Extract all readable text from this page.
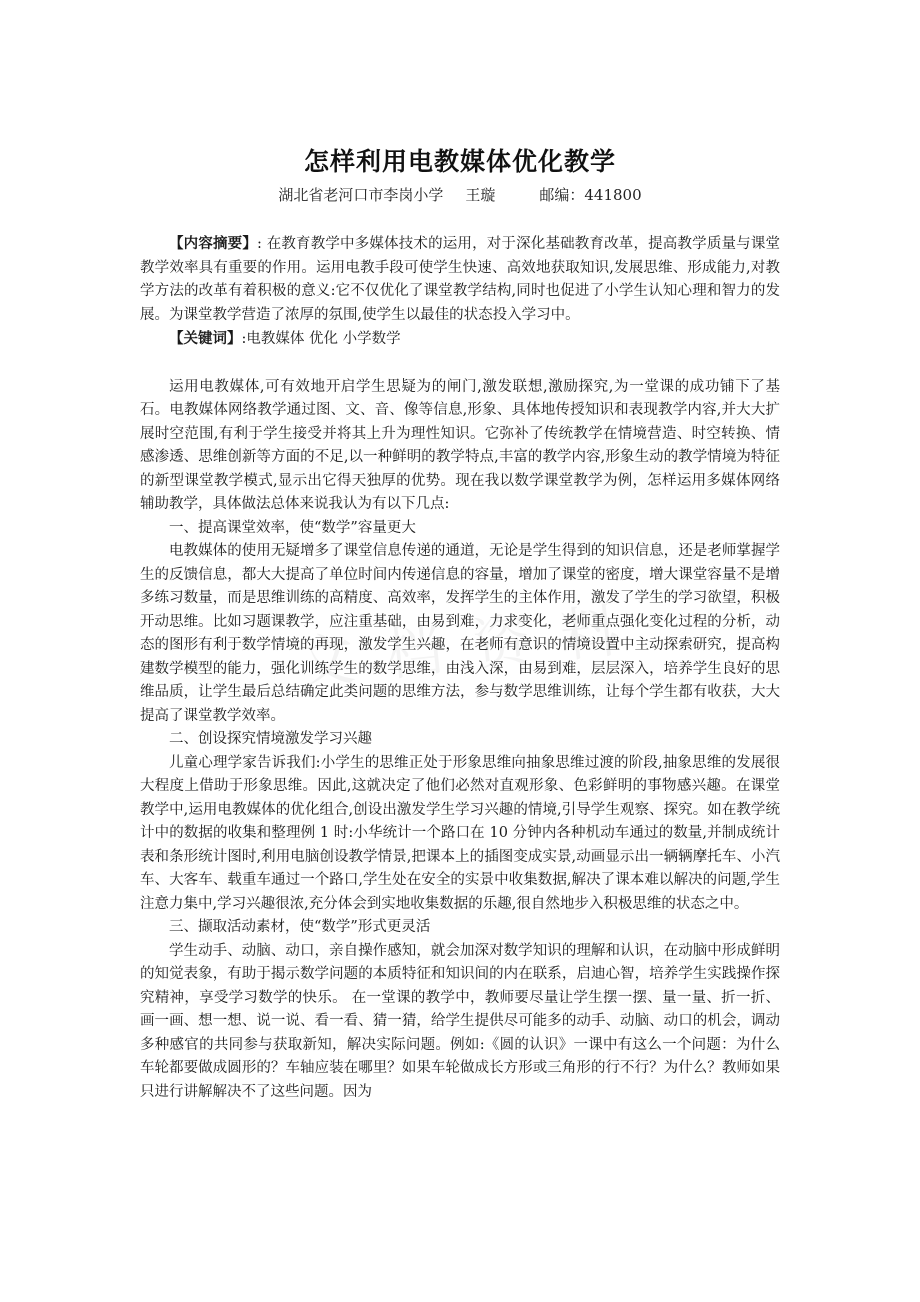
怎样利用电教媒体优化教学
湖北省老河口市李岗小学 王璇	邮编：441800

【内容摘要】: 在教育教学中多媒体技术的运用，对于深化基础教育改革，提高教学质量与课堂教学效率具有重要的作用。运用电教手段可使学生快速、高效地获取知识,发展思维、形成能力,对教学方法的改革有着积极的意义:它不仅优化了课堂教学结构,同时也促进了小学生认知心理和智力的发展。为课堂教学营造了浓厚的氛围,使学生以最佳的状态投入学习中。

【关键词】:电教媒体 优化 小学数学

运用电教媒体,可有效地开启学生思疑为的闸门,激发联想,激励探究,为一堂课的成功铺下了基石。电教媒体网络教学通过图、文、音、像等信息,形象、具体地传授知识和表现教学内容,并大大扩展时空范围,有利于学生接受并将其上升为理性知识。它弥补了传统教学在情境营造、时空转换、情感渗透、思维创新等方面的不足,以一种鲜明的教学特点,丰富的教学内容,形象生动的教学情境为特征的新型课堂教学模式,显示出它得天独厚的优势。现在我以数学课堂教学为例，怎样运用多媒体网络辅助教学，具体做法总体来说我认为有以下几点:

一、提高课堂效率，使“数学”容量更大

电教媒体的使用无疑增多了课堂信息传递的通道，无论是学生得到的知识信息，还是老师掌握学生的反馈信息，都大大提高了单位时间内传递信息的容量，增加了课堂的密度，增大课堂容量不是增多练习数量，而是思维训练的高精度、高效率，发挥学生的主体作用，激发了学生的学习欲望，积极开动思维。比如习题课教学，应注重基础，由易到难，力求变化，老师重点强化变化过程的分析，动态的图形有利于数学情境的再现，激发学生兴趣，在老师有意识的情境设置中主动探索研究，提高构建数学模型的能力，强化训练学生的数学思维，由浅入深，由易到难，层层深入，培养学生良好的思维品质，让学生最后总结确定此类问题的思维方法，参与数学思维训练，让每个学生都有收获，大大提高了课堂教学效率。

二、创设探究情境激发学习兴趣

儿童心理学家告诉我们:小学生的思维正处于形象思维向抽象思维过渡的阶段,抽象思维的发展很大程度上借助于形象思维。因此,这就决定了他们必然对直观形象、色彩鲜明的事物感兴趣。在课堂教学中,运用电教媒体的优化组合,创设出激发学生学习兴趣的情境,引导学生观察、探究。如在教学统计中的数据的收集和整理例 1 时:小华统计一个路口在 10 分钟内各种机动车通过的数量,并制成统计表和条形统计图时,利用电脑创设教学情景,把课本上的插图变成实景,动画显示出一辆辆摩托车、小汽车、大客车、载重车通过一个路口,学生处在安全的实景中收集数据,解决了课本难以解决的问题,学生注意力集中,学习兴趣很浓,充分体会到实地收集数据的乐趣,很自然地步入积极思维的状态之中。

三、撷取活动素材，使“数学”形式更灵活

学生动手、动脑、动口，亲自操作感知，就会加深对数学知识的理解和认识，在动脑中形成鲜明的知觉表象，有助于揭示数学问题的本质特征和知识间的内在联系，启迪心智，培养学生实践操作探究精神，享受学习数学的快乐。 在一堂课的教学中，教师要尽量让学生摆一摆、量一量、折一折、画一画、想一想、说一说、看一看、猜一猜，给学生提供尽可能多的动手、动脑、动口的机会，调动多种感官的共同参与获取新知，解决实际问题。例如:《圆的认识》一课中有这么一个问题：为什么车轮都要做成圆形的？车轴应装在哪里？如果车轮做成长方形或三角形的行不行？为什么？教师如果只进行讲解解决不了这些问题。因为
